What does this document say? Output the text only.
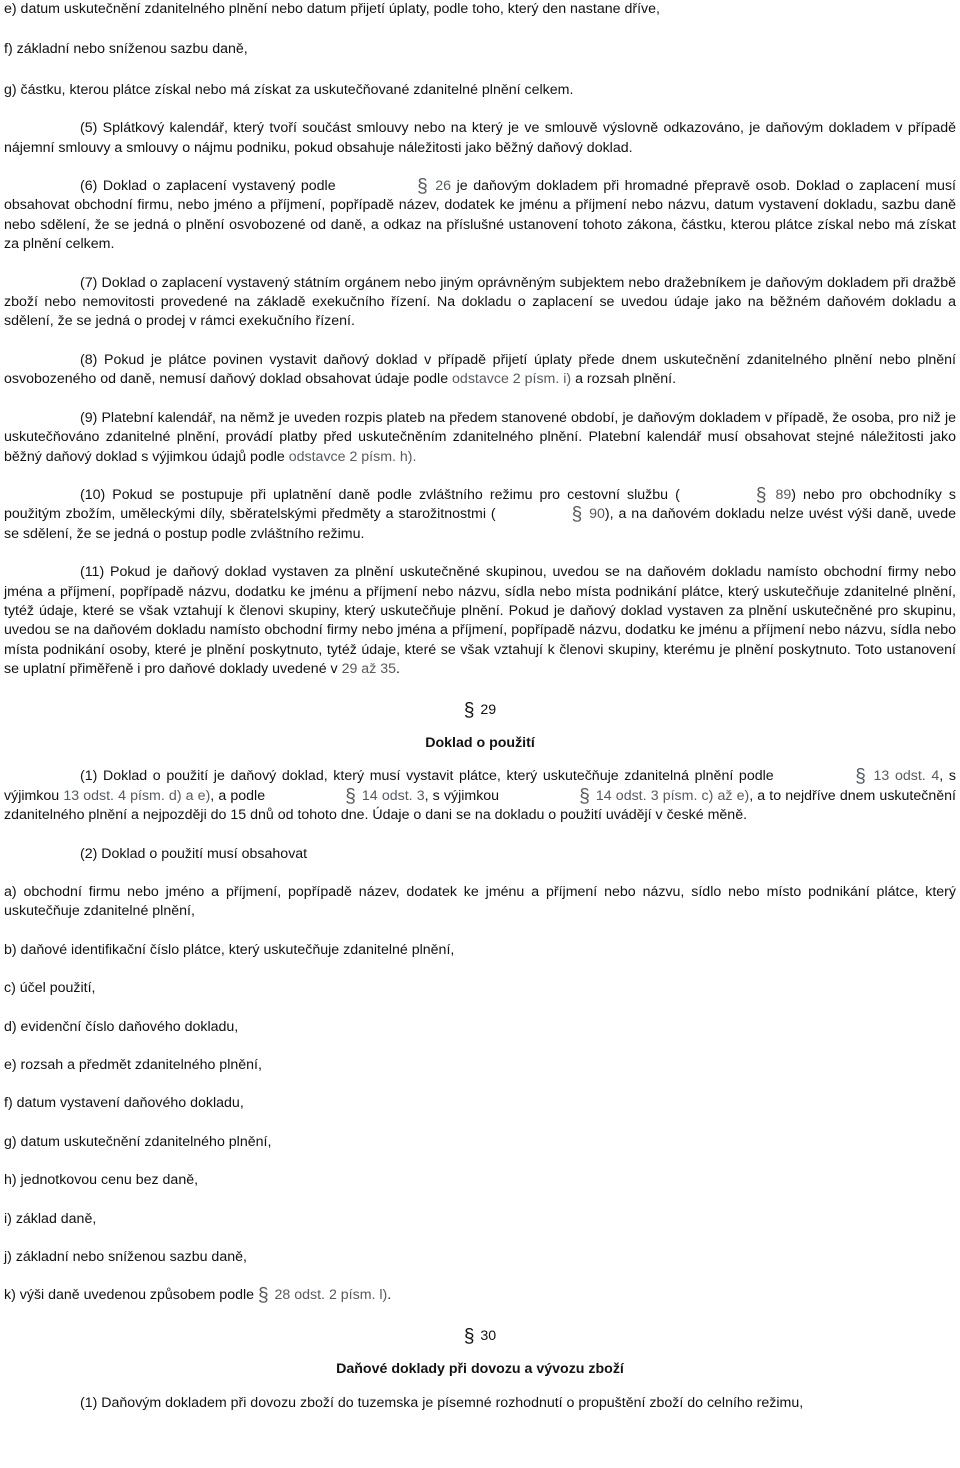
e) datum uskutečnění zdanitelného plnění nebo datum přijetí úplaty, podle toho, který den nastane dříve,

f) základní nebo sníženou sazbu daně,

g) částku, kterou plátce získal nebo má získat za uskutečňované zdanitelné plnění celkem.

(5) Splátkový kalendář, který tvoří součást smlouvy nebo na který je ve smlouvě výslovně odkazováno, je daňovým dokladem v případě nájemní smlouvy a smlouvy o nájmu podniku, pokud obsahuje náležitosti jako běžný daňový doklad.

(6) Doklad o zaplacení vystavený podle	§ 26 je daňovým dokladem při hromadné přepravě osob. Doklad o zaplacení musí obsahovat obchodní firmu, nebo jméno a příjmení, popřípadě název, dodatek ke jménu a příjmení nebo názvu, datum vystavení dokladu, sazbu daně nebo sdělení, že se jedná o plnění osvobozené od daně, a odkaz na příslušné ustanovení tohoto zákona, částku, kterou plátce získal nebo má získat za plnění celkem.

(7) Doklad o zaplacení vystavený státním orgánem nebo jiným oprávněným subjektem nebo dražebníkem je daňovým dokladem při dražbě zboží nebo nemovitosti provedené na základě exekučního řízení. Na dokladu o zaplacení se uvedou údaje jako na běžném daňovém dokladu a sdělení, že se jedná o prodej v rámci exekučního řízení.

(8) Pokud je plátce povinen vystavit daňový doklad v případě přijetí úplaty přede dnem uskutečnění zdanitelného plnění nebo plnění osvobozeného od daně, nemusí daňový doklad obsahovat údaje podle odstavce 2 písm. i) a rozsah plnění.

(9) Platební kalendář, na němž je uveden rozpis plateb na předem stanovené období, je daňovým dokladem v případě, že osoba, pro niž je uskutečňováno zdanitelné plnění, provádí platby před uskutečněním zdanitelného plnění. Platební kalendář musí obsahovat stejné náležitosti jako běžný daňový doklad s výjimkou údajů podle odstavce 2 písm. h).

(10) Pokud se postupuje při uplatnění daně podle zvláštního režimu pro cestovní službu (	§ 89) nebo pro obchodníky s použitým zbožím, uměleckými díly, sběratelskými předměty a starožitnostmi (	§ 90), a na daňovém dokladu nelze uvést výši daně, uvede se sdělení, že se jedná o postup podle zvláštního režimu.

(11) Pokud je daňový doklad vystaven za plnění uskutečněné skupinou, uvedou se na daňovém dokladu namísto obchodní firmy nebo jména a příjmení, popřípadě názvu, dodatku ke jménu a příjmení nebo názvu, sídla nebo místa podnikání plátce, který uskutečňuje zdanitelné plnění, tytéž údaje, které se však vztahují k členovi skupiny, který uskutečňuje plnění. Pokud je daňový doklad vystaven za plnění uskutečněné pro skupinu, uvedou se na daňovém dokladu namísto obchodní firmy nebo jména a příjmení, popřípadě názvu, dodatku ke jménu a příjmení nebo názvu, sídla nebo místa podnikání osoby, které je plnění poskytnuto, tytéž údaje, které se však vztahují k členovi skupiny, kterému je plnění poskytnuto. Toto ustanovení se uplatní přiměřeně i pro daňové doklady uvedené v 29 až 35.

§ 29

Doklad o použití

(1) Doklad o použití je daňový doklad, který musí vystavit plátce, který uskutečňuje zdanitelná plnění podle	§ 13 odst. 4, s výjimkou 13 odst. 4 písm. d) a e), a podle	§ 14 odst. 3, s výjimkou	§ 14 odst. 3 písm. c) až e), a to nejdříve dnem uskutečnění zdanitelného plnění a nejpozději do 15 dnů od tohoto dne. Údaje o dani se na dokladu o použití uvádějí v české měně.

(2) Doklad o použití musí obsahovat

a) obchodní firmu nebo jméno a příjmení, popřípadě název, dodatek ke jménu a příjmení nebo názvu, sídlo nebo místo podnikání plátce, který uskutečňuje zdanitelné plnění,

b) daňové identifikační číslo plátce, který uskutečňuje zdanitelné plnění,

c) účel použití,

d) evidenční číslo daňového dokladu,

e) rozsah a předmět zdanitelného plnění,

f) datum vystavení daňového dokladu,

g) datum uskutečnění zdanitelného plnění,

h) jednotkovou cenu bez daně,

i) základ daně,

j) základní nebo sníženou sazbu daně,

k) výši daně uvedenou způsobem podle § 28 odst. 2 písm. l).

§ 30

Daňové doklady při dovozu a vývozu zboží

(1) Daňovým dokladem při dovozu zboží do tuzemska je písemné rozhodnutí o propuštění zboží do celního režimu,
